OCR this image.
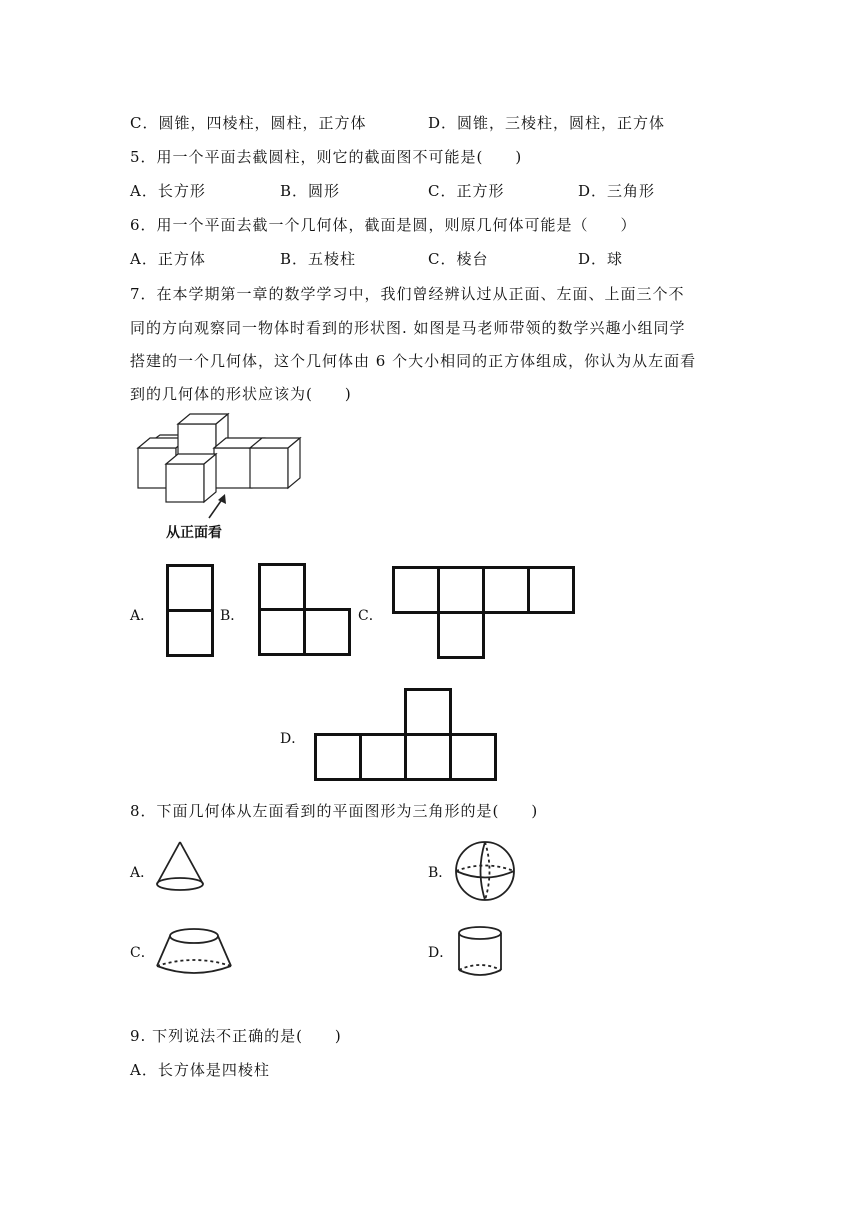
C．圆锥，四棱柱，圆柱，正方体	D．圆锥，三棱柱，圆柱，正方体
5．用一个平面去截圆柱，则它的截面图不可能是(　　)
A．长方形	B．圆形	C．正方形	D．三角形
6．用一个平面去截一个几何体，截面是圆，则原几何体可能是（　　）
A．正方体	B．五棱柱	C．棱台	D．球
7．在本学期第一章的数学学习中，我们曾经辨认过从正面、左面、上面三个不
同的方向观察同一物体时看到的形状图. 如图是马老师带领的数学兴趣小组同学
搭建的一个几何体，这个几何体由 6 个大小相同的正方体组成，你认为从左面看
到的几何体的形状应该为(　　)
从正面看
A．	B．	C．
D．
8．下面几何体从左面看到的平面图形为三角形的是(　　)
A．	B．
C．	D．
9. 下列说法不正确的是(　　)
A．长方体是四棱柱
